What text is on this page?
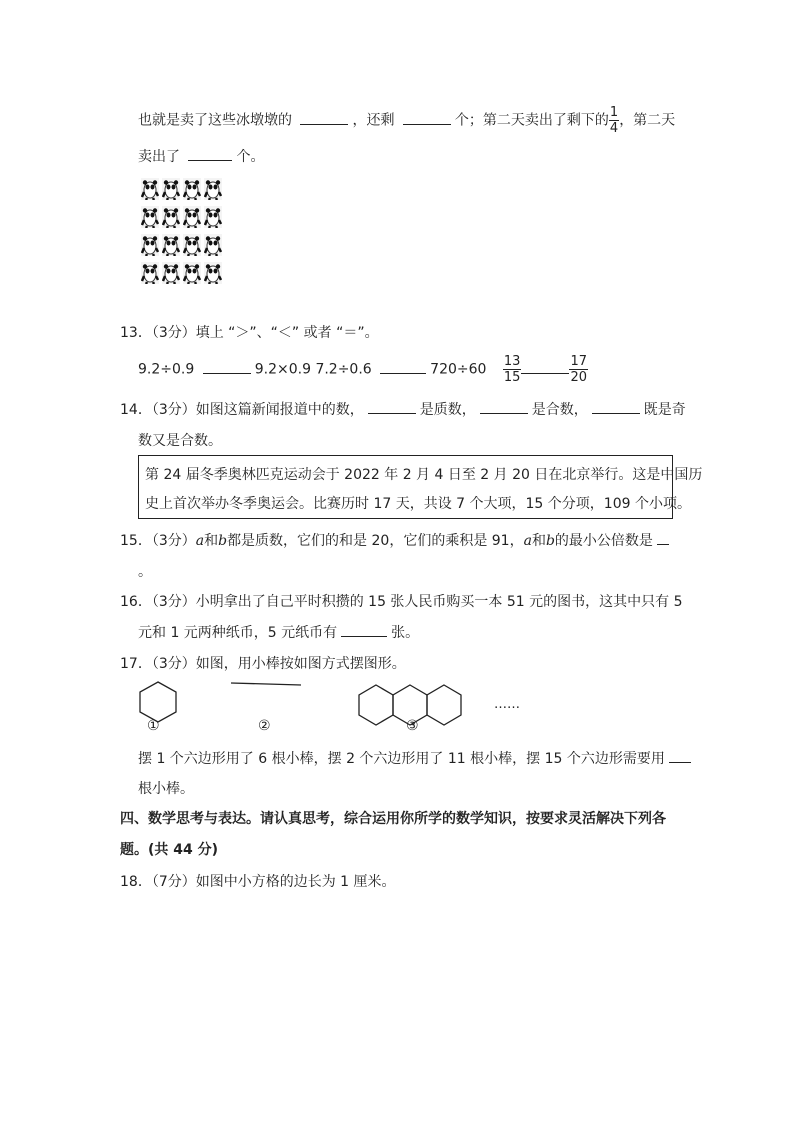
也就是卖了这些冰墩墩的	，还剩	个；第二天卖出了剩下的 $\frac{1}{4}$ ，第二天
卖出了	个。
13．（3分）填上 “＞”、“＜” 或者 “＝”。
9.2÷0.9	9.2×0.9 7.2÷0.6	$720\div 60 \frac{13}{15}$	$\frac{17}{20}$
14．（3分）如图这篇新闻报道中的数，	是质数，	是合数，	既是奇
数又是合数。
第 24 届冬季奥林匹克运动会于 2022 年 2 月 4 日至 2 月 20 日在北京举行。这是中国历
史上首次举办冬季奥运会。比赛历时 17 天，共设 7 个大项，15 个分项，109 个小项。
15．（3分）a和b都是质数，它们的和是 20，它们的乘积是 91，a和b的最小公倍数是
。
16．（3分）小明拿出了自己平时积攒的 15 张人民币购买一本 51 元的图书，这其中只有 5
元和 1 元两种纸币，5 元纸币有	张。
17．（3分）如图，用小棒按如图方式摆图形。
①	②	③
……
摆 1 个六边形用了 6 根小棒，摆 2 个六边形用了 11 根小棒，摆 15 个六边形需要用
根小棒。
四、数学思考与表达。请认真思考，综合运用你所学的数学知识，按要求灵活解决下列各
题。(共 44 分)
18．（7分）如图中小方格的边长为 1 厘米。
